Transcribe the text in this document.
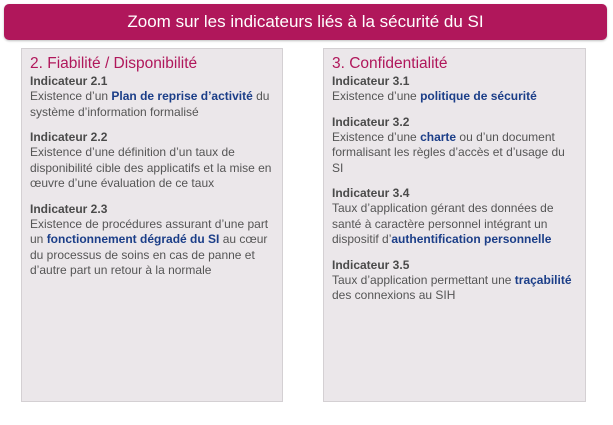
Zoom sur les indicateurs liés à la sécurité du SI
2. Fiabilité / Disponibilité
Indicateur 2.1
Existence d’un Plan de reprise d’activité du système d’information formalisé
Indicateur 2.2
Existence d’une définition d’un taux de disponibilité cible des applicatifs et la mise en œuvre d’une évaluation de ce taux
Indicateur 2.3
Existence de procédures assurant d’une part un fonctionnement dégradé du SI au cœur du processus de soins en cas de panne et d’autre part un retour à la normale
3. Confidentialité
Indicateur 3.1
Existence d’une politique de sécurité
Indicateur 3.2
Existence d’une charte ou d’un document formalisant les règles d’accès et d’usage du SI
Indicateur 3.4
Taux d’application gérant des données de santé à caractère personnel intégrant un dispositif d’authentification personnelle
Indicateur 3.5
Taux d’application permettant une traçabilité des connexions au SIH
